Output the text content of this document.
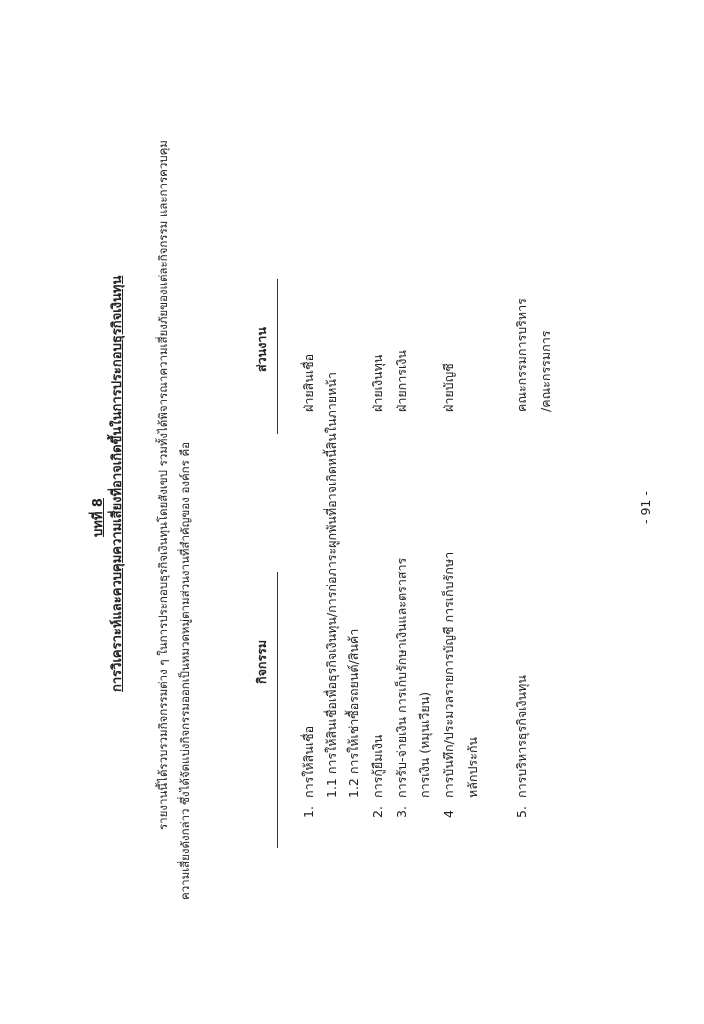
บทที่ 8 การวิเคราะห์และควบคุมความเสี่ยงที่อาจเกิดขึ้นในการประกอบธุรกิจเงินทุน	รายงานนี้ได้รวบรวมกิจกรรมต่าง ๆ ในการประกอบธุรกิจเงินทุนโดยสังเขป รวมทั้งได้พิจารณาความเสี่ยงภัยของแต่ละกิจกรรม และการควบคุม ความเสี่ยงดังกล่าว ซึ่งได้จัดแบ่งกิจกรรมออกเป็นหมวดหมู่ตามส่วนงานที่สำคัญของ องค์กร คือ	กิจกรรม
ส่วนงาน
1.
การให้สินเชื่อ
ฝ่ายสินเชื่อ 1.1 การให้สินเชื่อเพื่อธุรกิจเงินทุน/การก่อภาระผูกพันที่อาจเกิดหนี้สินในภายหน้า 1.2 การให้เช่าซื้อรถยนต์/สินค้า
2.
การกู้ยืมเงิน
ฝ่ายเงินทุน
3.
การรับ-จ่ายเงิน การเก็บรักษาเงินและตราสาร
ฝ่ายการเงิน
การเงิน (หมุนเวียน)
4
การบันทึก/ประมวลรายการบัญชี การเก็บรักษา
ฝ่ายบัญชี
หลักประกัน
5.
การบริหารธุรกิจเงินทุน
คณะกรรมการบริหาร /คณะกรรมการ
- 91 -
